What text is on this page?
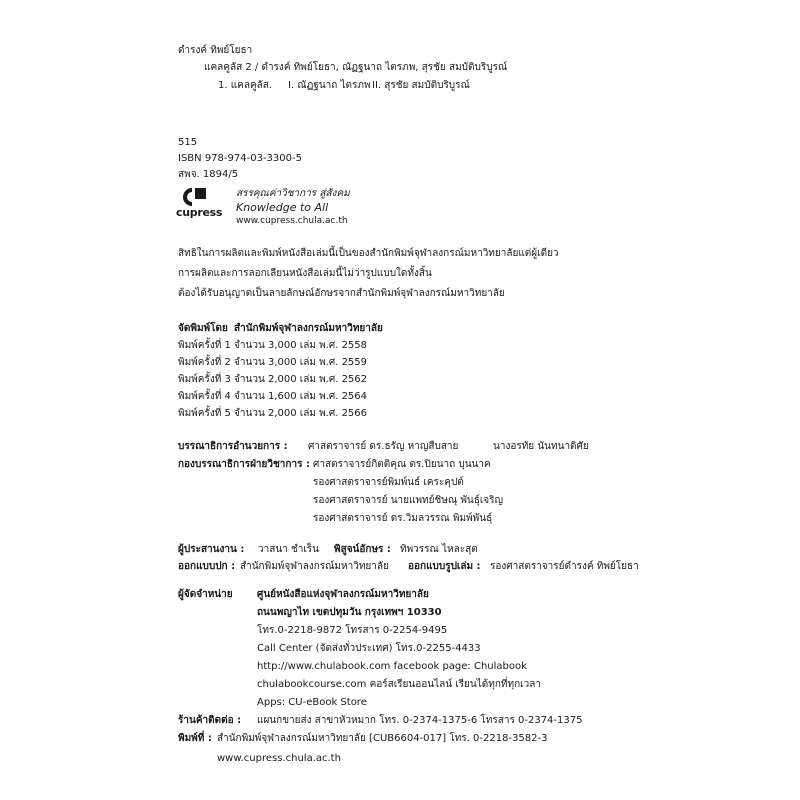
ดำรงค์ ทิพย์โยธา
แคลคูลัส 2 / ดำรงค์ ทิพย์โยธา, ณัฏฐนาถ ไตรภพ, สุรชัย สมบัติบริบูรณ์
1. แคลคูลัส. I. ณัฏฐนาถ ไตรภพ II. สุรชัย สมบัติบริบูรณ์
515
ISBN 978-974-03-3300-5
สพจ. 1894/5
cupress
สรรคุณค่าวิชาการ สู่สังคม
Knowledge to All
www.cupress.chula.ac.th
สิทธิในการผลิตและพิมพ์หนังสือเล่มนี้เป็นของสำนักพิมพ์จุฬาลงกรณ์มหาวิทยาลัยแต่ผู้เดียว
การผลิตและการลอกเลียนหนังสือเล่มนี้ไม่ว่ารูปแบบใดทั้งสิ้น
ต้องได้รับอนุญาตเป็นลายลักษณ์อักษรจากสำนักพิมพ์จุฬาลงกรณ์มหาวิทยาลัย
จัดพิมพ์โดย สำนักพิมพ์จุฬาลงกรณ์มหาวิทยาลัย
พิมพ์ครั้งที่ 1 จำนวน 3,000 เล่ม พ.ศ. 2558
พิมพ์ครั้งที่ 2 จำนวน 3,000 เล่ม พ.ศ. 2559
พิมพ์ครั้งที่ 3 จำนวน 2,000 เล่ม พ.ศ. 2562
พิมพ์ครั้งที่ 4 จำนวน 1,600 เล่ม พ.ศ. 2564
พิมพ์ครั้งที่ 5 จำนวน 2,000 เล่ม พ.ศ. 2566
บรรณาธิการอำนวยการ : ศาสตราจารย์ ดร.ธรัญ หาญสืบสาย	นางอรทัย นันทนาดิศัย
กองบรรณาธิการฝ่ายวิชาการ : ศาสตราจารย์กิตติคุณ ดร.ปิยนาถ บุนนาค
รองศาสตราจารย์พิมพ์นธ์ เคระคุปต์
รองศาสตราจารย์ นายแพทย์ชิษณุ พันธุ์เจริญ
รองศาสตราจารย์ ดร.วิมลวรรณ พิมพ์พันธุ์
ผู้ประสานงาน : วาสนา ชำเร็น พิสูจน์อักษร : ทิพวรรณ ไหละสุต
ออกแบบปก : สำนักพิมพ์จุฬาลงกรณ์มหาวิทยาลัย ออกแบบรูปเล่ม : รองศาสตราจารย์ดำรงค์ ทิพย์โยธา
ผู้จัดจำหน่าย ศูนย์หนังสือแห่งจุฬาลงกรณ์มหาวิทยาลัย
ถนนพญาไท เขตปทุมวัน กรุงเทพฯ 10330
โทร.0-2218-9872 โทรสาร 0-2254-9495
Call Center (จัดส่งทั่วประเทศ) โทร.0-2255-4433
http://www.chulabook.com facebook page: Chulabook
chulabookcourse.com คอร์สเรียนออนไลน์ เรียนได้ทุกที่ทุกเวลา
Apps: CU-eBook Store
ร้านค้าติดต่อ : แผนกขายส่ง สาขาหัวหมาก โทร. 0-2374-1375-6 โทรสาร 0-2374-1375
พิมพ์ที่ : สำนักพิมพ์จุฬาลงกรณ์มหาวิทยาลัย [CUB6604-017] โทร. 0-2218-3582-3
www.cupress.chula.ac.th
